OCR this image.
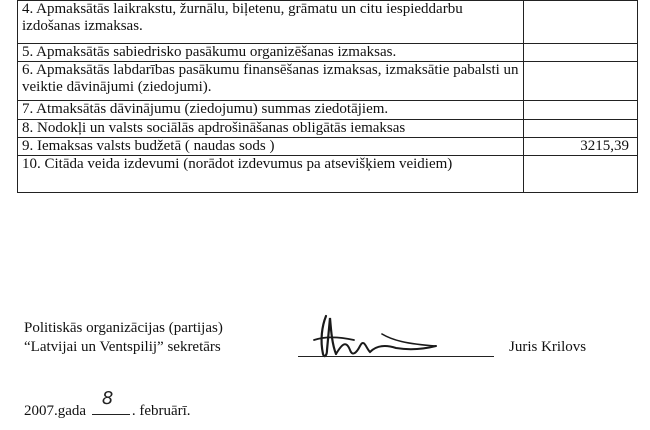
4. Apmaksātās laikrakstu, žurnālu, biļetenu, grāmatu un citu iespieddarbu izdošanas izmaksas.	
5. Apmaksātās sabiedrisko pasākumu organizēšanas izmaksas.	
6. Apmaksātās labdarības pasākumu finansēšanas izmaksas, izmaksātie pabalsti un veiktie dāvinājumi (ziedojumi).	
7. Atmaksātās dāvinājumu (ziedojumu) summas ziedotājiem.	
8. Nodokļi un valsts sociālās apdrošināšanas obligātās iemaksas	
9. Iemaksas valsts budžetā ( naudas sods )	3215,39
10. Citāda veida izdevumi (norādot izdevumus pa atsevišķiem veidiem)	
Politiskās organizācijas (partijas)
“Latvijai un Ventspilij” sekretārs	Juris Krilovs
2007.gada
8
. februārī.
